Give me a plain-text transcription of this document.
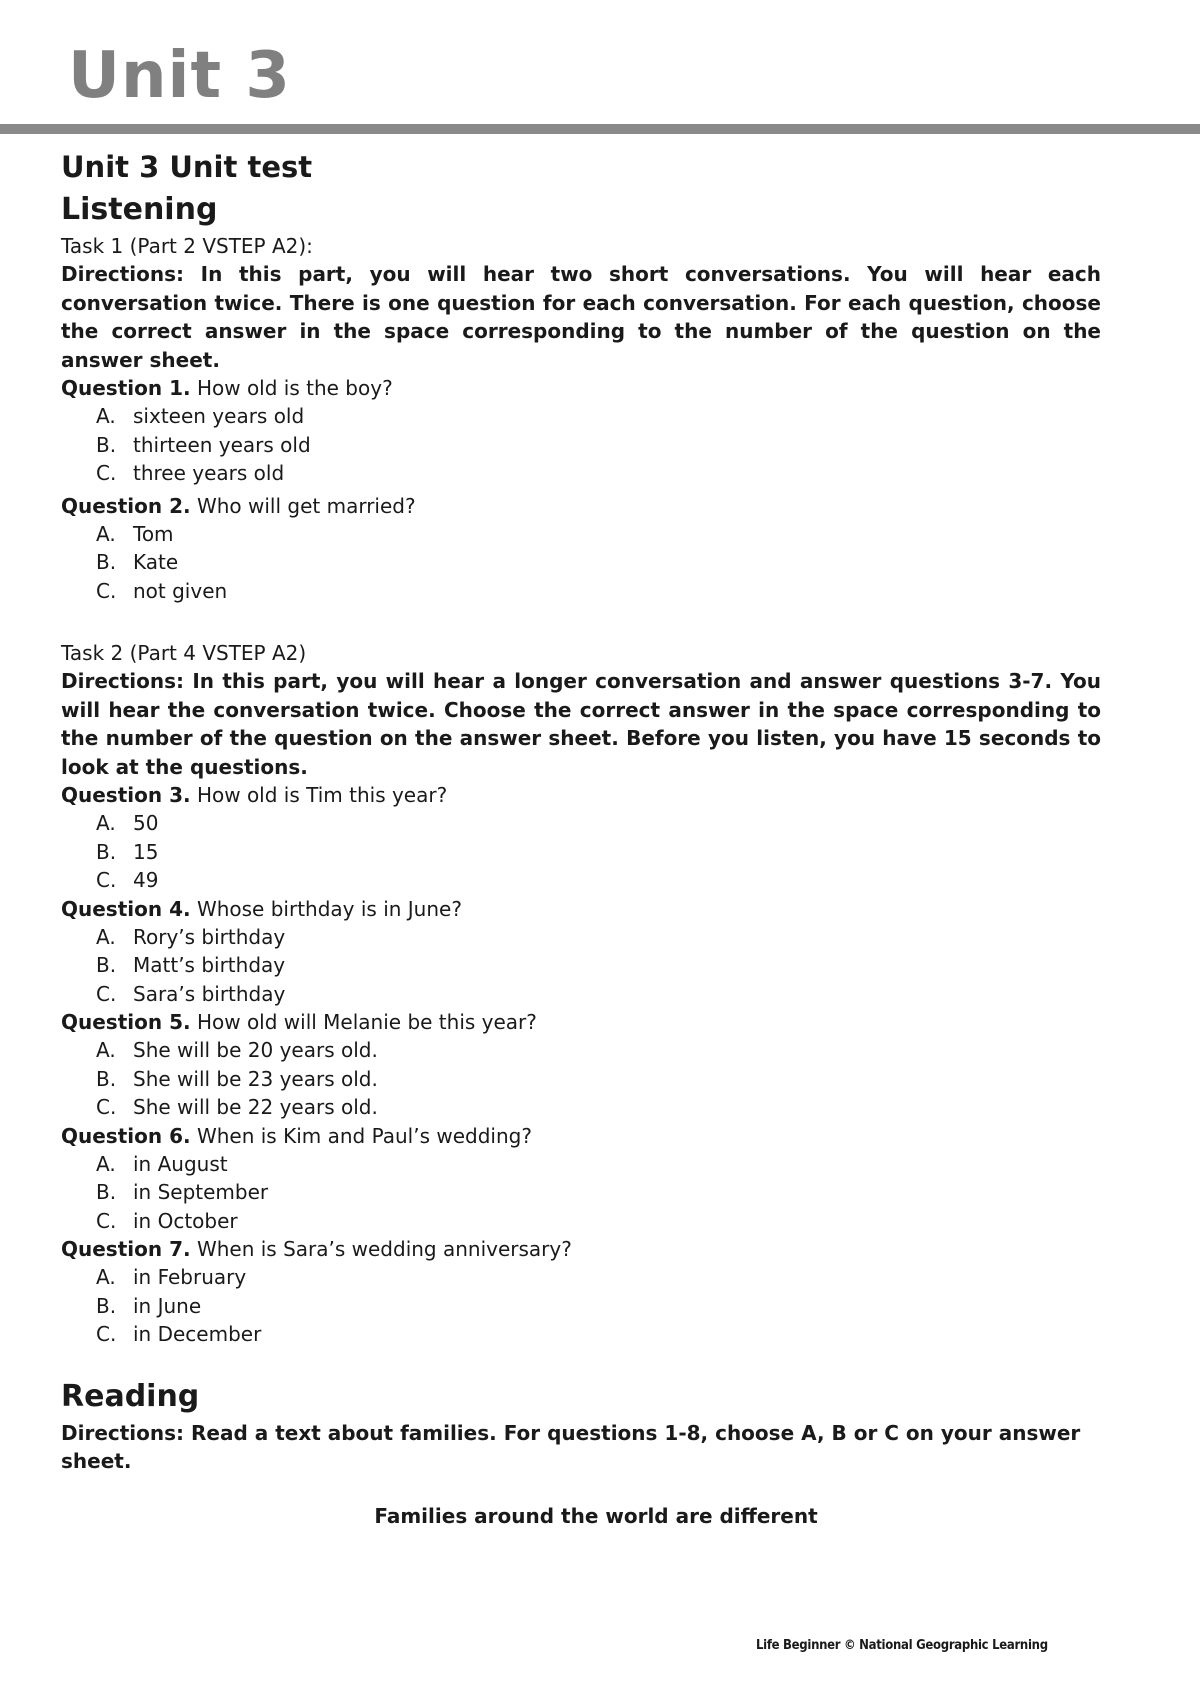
Unit 3
Unit 3 Unit test
Listening

Task 1 (Part 2 VSTEP A2):

Directions: In this part, you will hear two short conversations. You will hear each conversation twice. There is one question for each conversation. For each question, choose the correct answer in the space corresponding to the number of the question on the answer sheet.

Question 1. How old is the boy?

A. sixteen years old
B. thirteen years old
C. three years old

Question 2. Who will get married?

A. Tom
B. Kate
C. not given

Task 2 (Part 4 VSTEP A2)

Directions: In this part, you will hear a longer conversation and answer questions 3-7. You will hear the conversation twice. Choose the correct answer in the space corresponding to the number of the question on the answer sheet. Before you listen, you have 15 seconds to look at the questions.

Question 3. How old is Tim this year?

A. 50
B. 15
C. 49

Question 4. Whose birthday is in June?

A. Rory’s birthday
B. Matt’s birthday
C. Sara’s birthday

Question 5. How old will Melanie be this year?

A. She will be 20 years old.
B. She will be 23 years old.
C. She will be 22 years old.

Question 6. When is Kim and Paul’s wedding?

A. in August
B. in September
C. in October

Question 7. When is Sara’s wedding anniversary?

A. in February
B. in June
C. in December
Reading

Directions: Read a text about families. For questions 1-8, choose A, B or C on your answer sheet.

Families around the world are different

Life Beginner © National Geographic Learning
